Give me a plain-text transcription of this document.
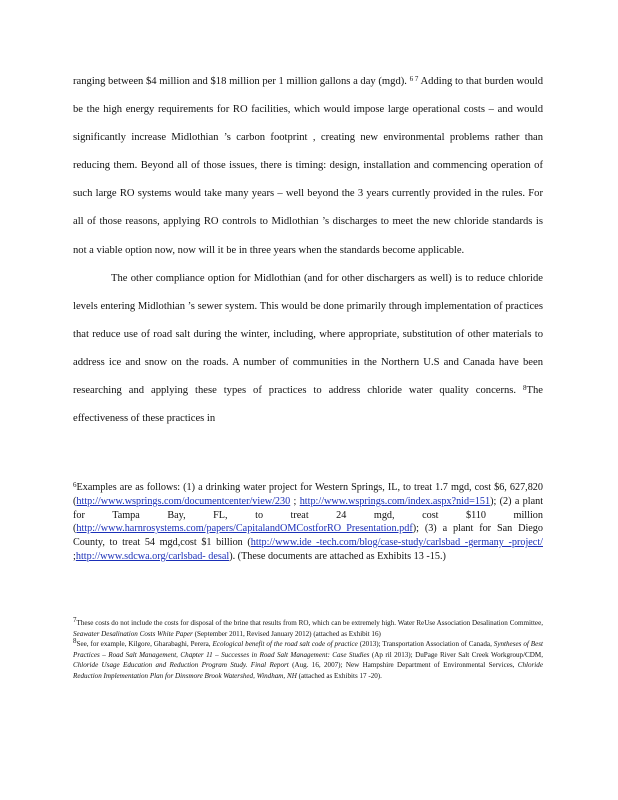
ranging between $4 million and $18 million per 1 million gallons a day (mgd). $^{6 7}$ Adding to that burden would be the high energy requirements for RO facilities, which would impose large operational costs – and would significantly increase Midlothian ’s carbon footprint , creating new environmental problems rather than reducing them. Beyond all of those issues, there is timing: design, installation and commencing operation of such large RO systems would take many years – well beyond the 3 years currently provided in the rules. For all of those reasons, applying RO controls to Midlothian ’s discharges to meet the new chloride standards is not a viable option now, now will it be in three years when the standards become applicable.

The other compliance option for Midlothian (and for other dischargers as well) is to reduce chloride levels entering Midlothian ’s sewer system. This would be done primarily through implementation of practices that reduce use of road salt during the winter, including, where appropriate, substitution of other materials to address ice and snow on the roads. A number of communities in the Northern U.S and Canada have been researching and applying these types of practices to address chloride water quality concerns. $^8$The effectiveness of these practices in

$^6$Examples are as follows: (1) a drinking water project for Western Springs, IL, to treat 1.7 mgd, cost $6, 627,820 (http://www.wsprings.com/documentcenter/view/230 ; http://www.wsprings.com/index.aspx?nid=151); (2) a plant for Tampa Bay, FL, to treat 24 mgd, cost $110 million (http://www.harnrosystems.com/papers/CapitalandOMCostforRO_Presentation.pdf); (3) a plant for San Diego County, to treat 54 mgd,cost $1 billion (http://www.ide -tech.com/blog/case-study/carlsbad -germany -project/ ;http://www.sdcwa.org/carlsbad- desal). (These documents are attached as Exhibits 13 -15.)

$^7$These costs do not include the costs for disposal of the brine that results from RO, which can be extremely high. Water ReUse Association Desalination Committee, Seawater Desalination Costs White Paper (September 2011, Revised January 2012) (attached as Exhibit 16)

$^8$See, for example, Kilgore, Gharabaghi, Perera, Ecological benefit of the road salt code of practice (2013); Transportation Association of Canada, Syntheses of Best Practices – Road Salt Management, Chapter 11 – Successes in Road Salt Management: Case Studies (Ap ril 2013); DuPage River Salt Creek Workgroup/CDM, Chloride Usage Education and Reduction Program Study. Final Report (Aug. 16, 2007); New Hampshire Department of Environmental Services, Chloride Reduction Implementation Plan for Dinsmore Brook Watershed, Windham, NH (attached as Exhibits 17 -20).
